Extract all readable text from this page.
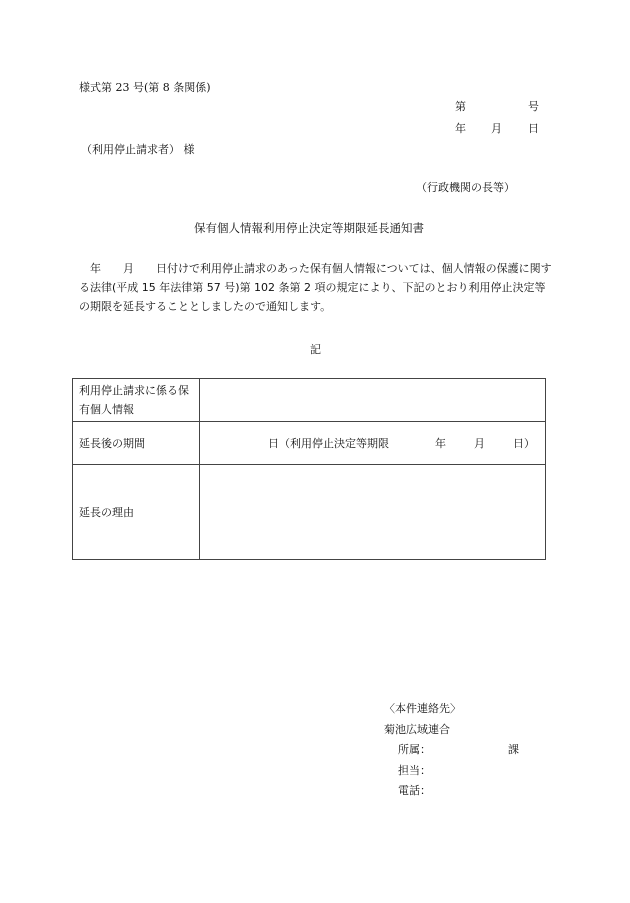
様式第 23 号(第 8 条関係)
第	号
年 月 日
（利用停止請求者） 様
（行政機関の長等）
保有個人情報利用停止決定等期限延長通知書
　年　　月　　日付けで利用停止請求のあった保有個人情報については、個人情報の保護に関する法律(平成 15 年法律第 57 号)第 102 条第 2 項の規定により、下記のとおり利用停止決定等の期限を延長することとしましたので通知します。
記
利用停止請求に係る保有個人情報	
延長後の期間	日（利用停止決定等期限 年 月 日）

延長の理由	
〈本件連絡先〉
菊池広域連合
所属：	課
担当：
電話：
